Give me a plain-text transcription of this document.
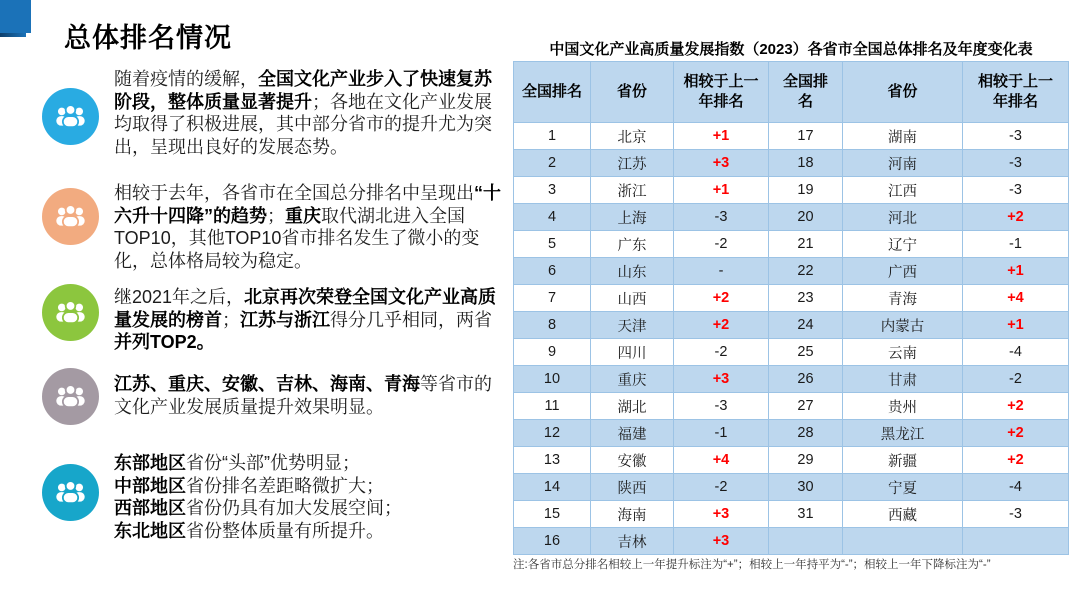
总体排名情况
随着疫情的缓解，全国文化产业步入了快速复苏阶段，整体质量显著提升；各地在文化产业发展均取得了积极进展，其中部分省市的提升尤为突出，呈现出良好的发展态势。
相较于去年，各省市在全国总分排名中呈现出“十六升十四降”的趋势；重庆取代湖北进入全国TOP10，其他TOP10省市排名发生了微小的变化，总体格局较为稳定。
继2021年之后，北京再次荣登全国文化产业高质量发展的榜首；江苏与浙江得分几乎相同，两省并列TOP2。
江苏、重庆、安徽、吉林、海南、青海等省市的文化产业发展质量提升效果明显。
东部地区省份“头部”优势明显；
中部地区省份排名差距略微扩大；
西部地区省份仍具有加大发展空间；
东北地区省份整体质量有所提升。
中国文化产业高质量发展指数（2023）各省市全国总体排名及年度变化表
全国排名	省份	相较于上一年排名	全国排名	省份	相较于上一年排名
1	北京	+1	17	湖南	-3
2	江苏	+3	18	河南	-3
3	浙江	+1	19	江西	-3
4	上海	-3	20	河北	+2
5	广东	-2	21	辽宁	-1
6	山东	-	22	广西	+1
7	山西	+2	23	青海	+4
8	天津	+2	24	内蒙古	+1
9	四川	-2	25	云南	-4
10	重庆	+3	26	甘肃	-2
11	湖北	-3	27	贵州	+2
12	福建	-1	28	黑龙江	+2
13	安徽	+4	29	新疆	+2
14	陕西	-2	30	宁夏	-4
15	海南	+3	31	西藏	-3
16	吉林	+3			
注:各省市总分排名相较上一年提升标注为“+”；相较上一年持平为“-”；相较上一年下降标注为“-”
